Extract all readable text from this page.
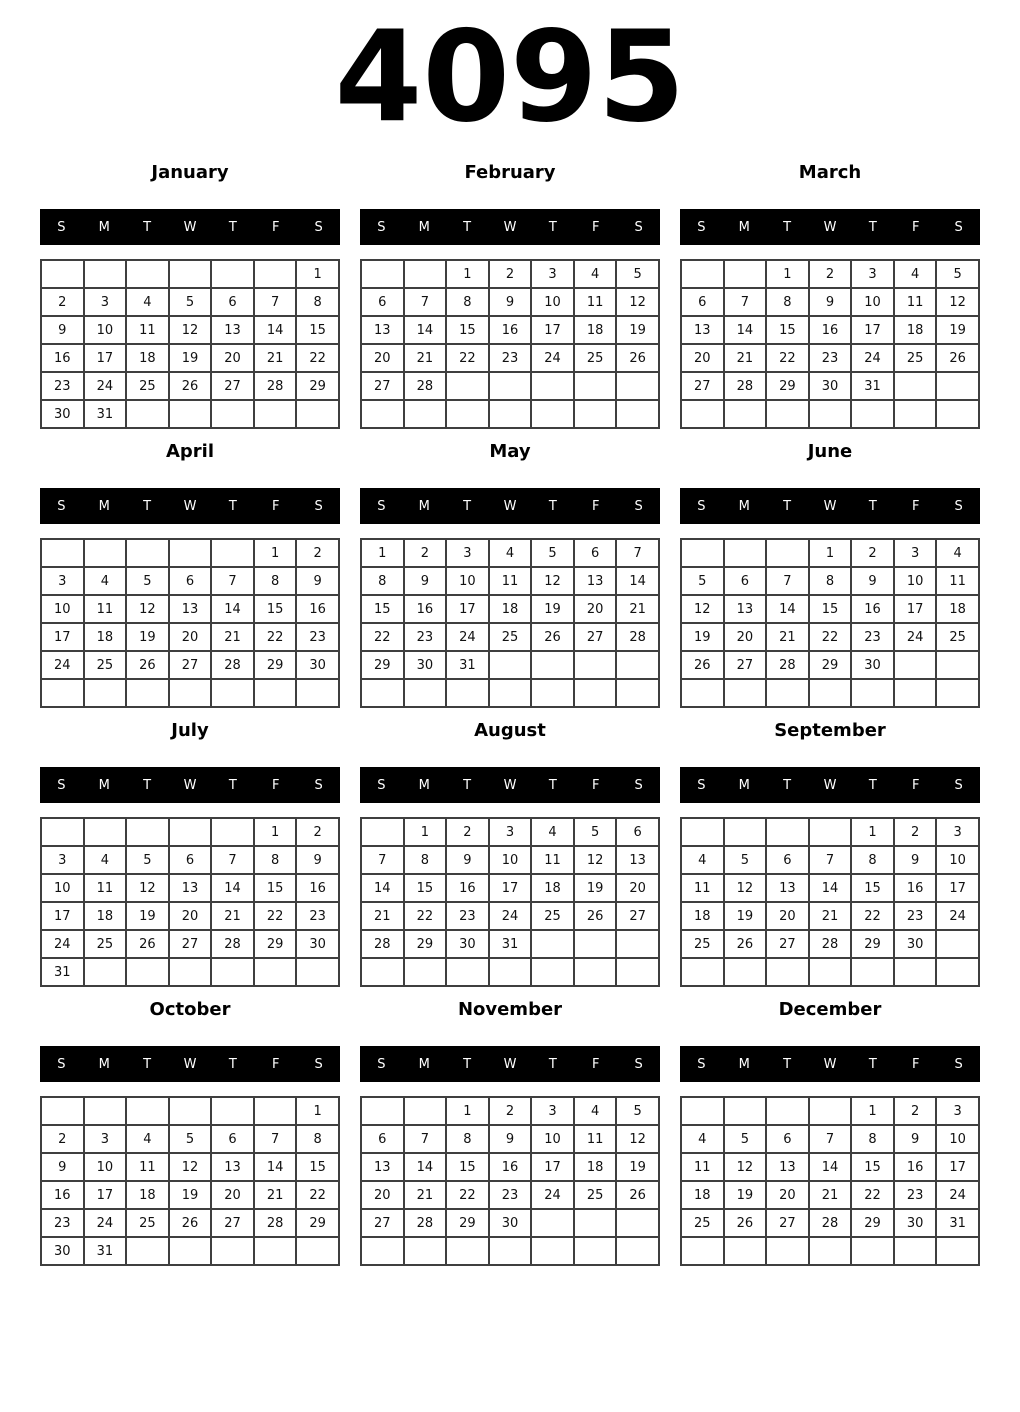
4095
January
S	M	T	W	T	F	S
						1
2	3	4	5	6	7	8
9	10	11	12	13	14	15
16	17	18	19	20	21	22
23	24	25	26	27	28	29
30	31					
February
S	M	T	W	T	F	S
		1	2	3	4	5
6	7	8	9	10	11	12
13	14	15	16	17	18	19
20	21	22	23	24	25	26
27	28					

March
S	M	T	W	T	F	S
		1	2	3	4	5
6	7	8	9	10	11	12
13	14	15	16	17	18	19
20	21	22	23	24	25	26
27	28	29	30	31		

April
S	M	T	W	T	F	S
					1	2
3	4	5	6	7	8	9
10	11	12	13	14	15	16
17	18	19	20	21	22	23
24	25	26	27	28	29	30

May
S	M	T	W	T	F	S
1	2	3	4	5	6	7
8	9	10	11	12	13	14
15	16	17	18	19	20	21
22	23	24	25	26	27	28
29	30	31				

June
S	M	T	W	T	F	S
			1	2	3	4
5	6	7	8	9	10	11
12	13	14	15	16	17	18
19	20	21	22	23	24	25
26	27	28	29	30		

July
S	M	T	W	T	F	S
					1	2
3	4	5	6	7	8	9
10	11	12	13	14	15	16
17	18	19	20	21	22	23
24	25	26	27	28	29	30
31						
August
S	M	T	W	T	F	S
	1	2	3	4	5	6
7	8	9	10	11	12	13
14	15	16	17	18	19	20
21	22	23	24	25	26	27
28	29	30	31			

September
S	M	T	W	T	F	S
				1	2	3
4	5	6	7	8	9	10
11	12	13	14	15	16	17
18	19	20	21	22	23	24
25	26	27	28	29	30	

October
S	M	T	W	T	F	S
						1
2	3	4	5	6	7	8
9	10	11	12	13	14	15
16	17	18	19	20	21	22
23	24	25	26	27	28	29
30	31					
November
S	M	T	W	T	F	S
		1	2	3	4	5
6	7	8	9	10	11	12
13	14	15	16	17	18	19
20	21	22	23	24	25	26
27	28	29	30			

December
S	M	T	W	T	F	S
				1	2	3
4	5	6	7	8	9	10
11	12	13	14	15	16	17
18	19	20	21	22	23	24
25	26	27	28	29	30	31
